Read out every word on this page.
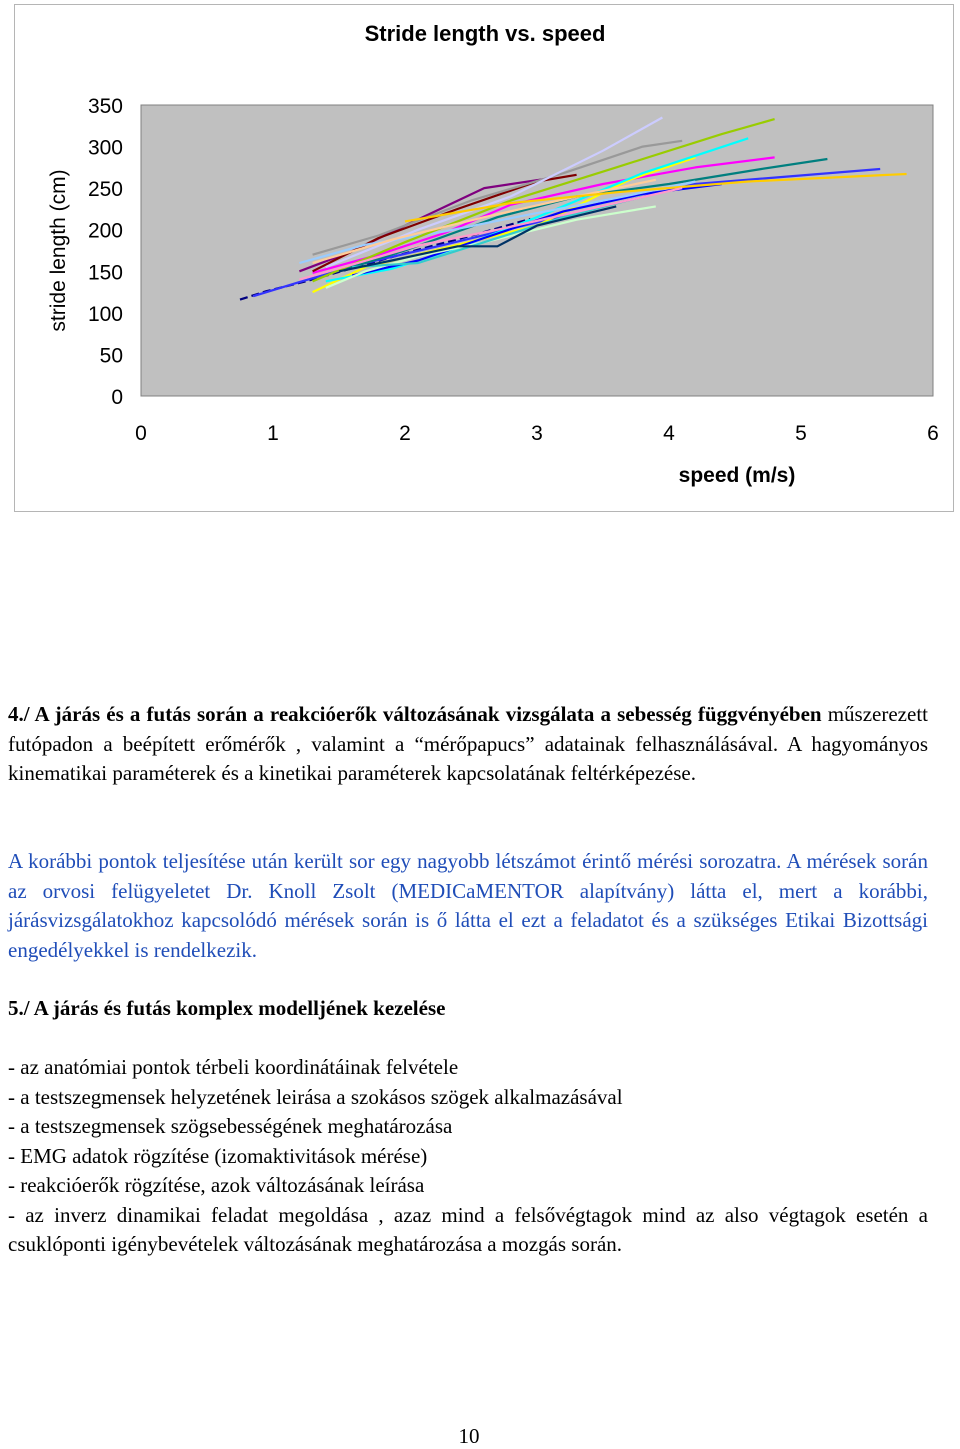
Stride length vs. speed
0
50
100
150
200
250
300
350
0	1	2	3	4	5	6
stride length (cm)
speed (m/s)

4./ A járás és a futás során a reakcióerők változásának vizsgálata a sebesség függvényében műszerezett futópadon a beépített erőmérők , valamint a “mérőpapucs” adatainak felhasználásával. A hagyományos kinematikai paraméterek és a kinetikai paraméterek kapcsolatának feltérképezése.

A korábbi pontok teljesítése után került sor egy nagyobb létszámot érintő mérési sorozatra. A mérések során az orvosi felügyeletet Dr. Knoll Zsolt (MEDICaMENTOR alapítvány) látta el, mert a korábbi, járásvizsgálatokhoz kapcsolódó mérések során is ő látta el ezt a feladatot és a szükséges Etikai Bizottsági engedélyekkel is rendelkezik.

5./ A járás és futás komplex modelljének kezelése

- az anatómiai pontok térbeli koordinátáinak felvétele
- a testszegmensek helyzetének leirása a szokásos szögek alkalmazásával
- a testszegmensek szögsebességének meghatározása
- EMG adatok rögzítése (izomaktivitások mérése)
- reakcióerők rögzítése, azok változásának leírása
- az inverz dinamikai feladat megoldása , azaz mind a felsővégtagok mind az also végtagok esetén a csuklóponti igénybevételek változásának meghatározása a mozgás során.
10
